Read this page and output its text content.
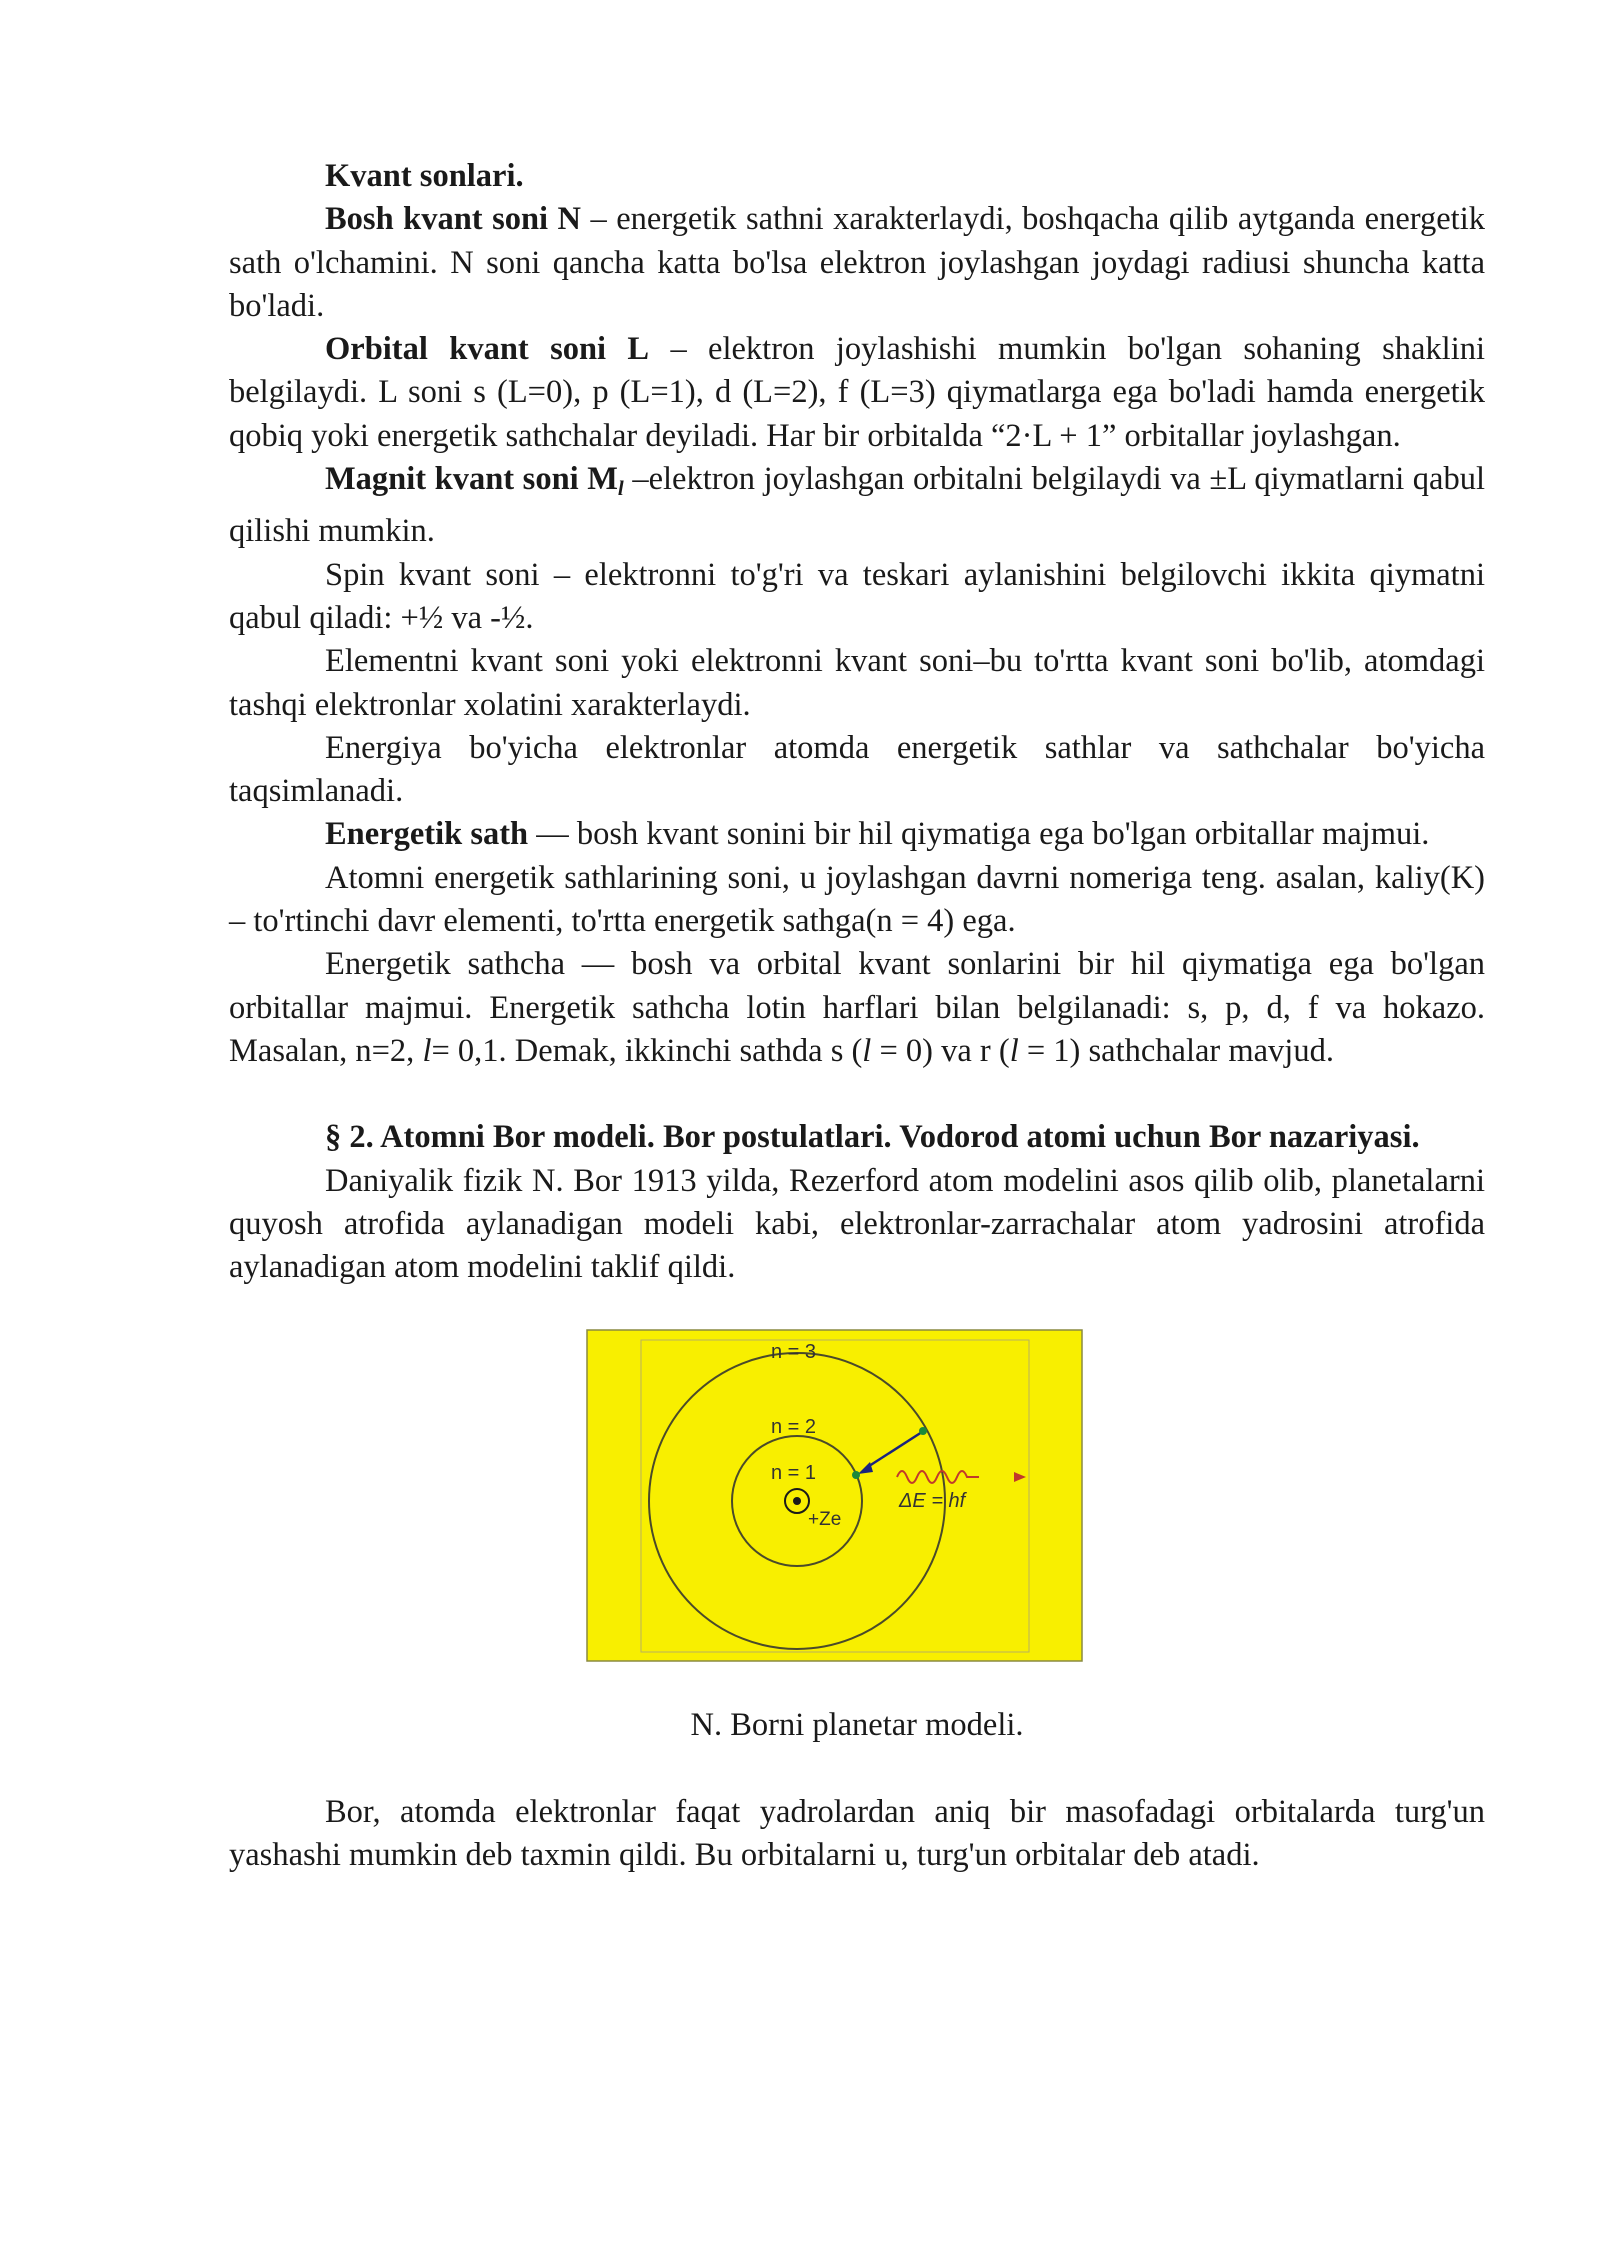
Kvant sonlari.

Bosh kvant soni N – energetik sathni xarakterlaydi, boshqacha qilib aytganda energetik sath o'lchamini. N soni qancha katta bo'lsa elektron joylashgan joydagi radiusi shuncha katta bo'ladi.

Orbital kvant soni L – elektron joylashishi mumkin bo'lgan sohaning shaklini belgilaydi. L soni s (L=0), p (L=1), d (L=2), f (L=3) qiymatlarga ega bo'ladi hamda energetik qobiq yoki energetik sathchalar deyiladi. Har bir orbitalda “2·L + 1” orbitallar joylashgan.

Magnit kvant soni $M_l$ –elektron joylashgan orbitalni belgilaydi va ±L qiymatlarni qabul qilishi mumkin.

Spin kvant soni – elektronni to'g'ri va teskari aylanishini belgilovchi ikkita qiymatni qabul qiladi: +½ va -½.

Elementni kvant soni yoki elektronni kvant soni–bu to'rtta kvant soni bo'lib, atomdagi tashqi elektronlar xolatini xarakterlaydi.

Energiya bo'yicha elektronlar atomda energetik sathlar va sathchalar bo'yicha taqsimlanadi.

Energetik sath — bosh kvant sonini bir hil qiymatiga ega bo'lgan orbitallar majmui.

Atomni energetik sathlarining soni, u joylashgan davrni nomeriga teng. asalan, kaliy(K) – to'rtinchi davr elementi, to'rtta energetik sathga(n = 4) ega.

Energetik sathcha — bosh va orbital kvant sonlarini bir hil qiymatiga ega bo'lgan orbitallar majmui. Energetik sathcha lotin harflari bilan belgilanadi: s, p, d, f va hokazo. Masalan, n=2, l= 0,1. Demak, ikkinchi sathda s (l = 0) va r (l = 1) sathchalar mavjud.

§ 2. Atomni Bor modeli. Bor postulatlari. Vodorod atomi uchun Bor nazariyasi.

Daniyalik fizik N. Bor 1913 yilda, Rezerford atom modelini asos qilib olib, planetalarni quyosh atrofida aylanadigan modeli kabi, elektronlar-zarrachalar atom yadrosini atrofida aylanadigan atom modelini taklif qildi.

n = 3
n = 2
n = 1
+Ze
ΔE = hf

N. Borni planetar modeli.

Bor, atomda elektronlar faqat yadrolardan aniq bir masofadagi orbitalarda turg'un yashashi mumkin deb taxmin qildi. Bu orbitalarni u, turg'un orbitalar deb atadi.
